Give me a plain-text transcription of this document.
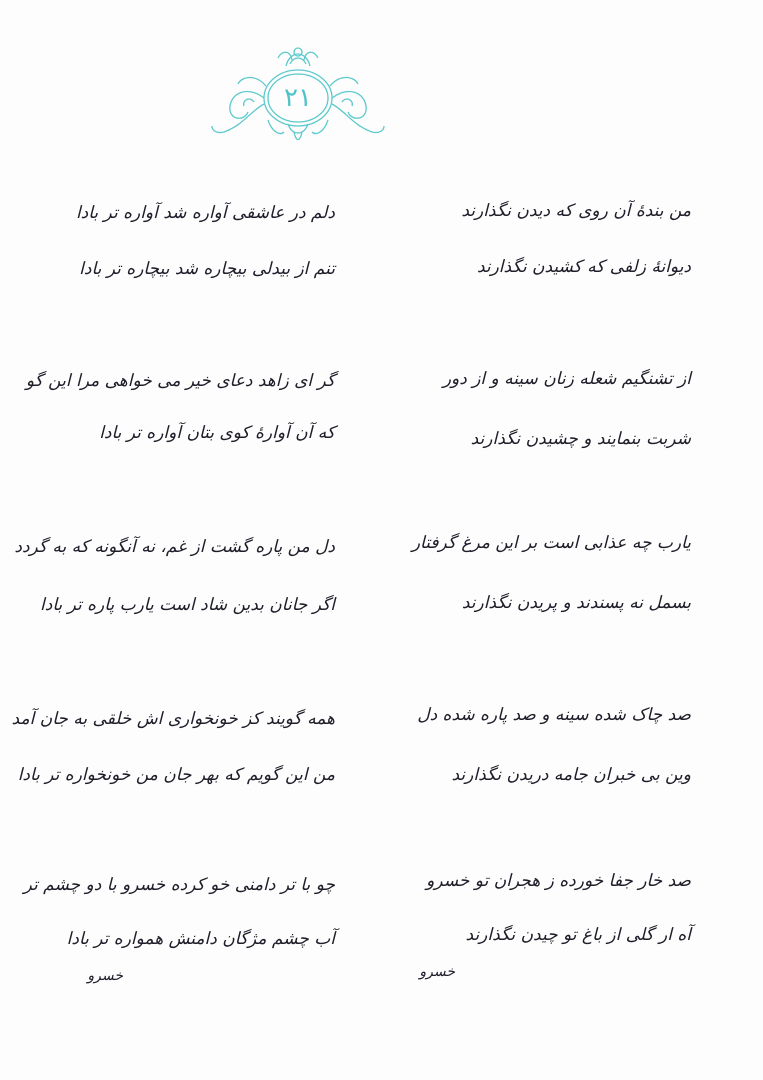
۲۱
من بندهٔ آن روی که دیدن نگذارند
دیوانهٔ زلفی که کشیدن نگذارند
دلم در عاشقی آواره شد آواره تر بادا
تنم از بیدلی بیچاره شد بیچاره تر بادا
از تشنگیم شعله زنان سینه و از دور
شربت بنمایند و چشیدن نگذارند
گر ای زاهد دعای خیر می خواهی مرا این گو
که آن آوارهٔ کوی بتان آواره تر بادا
یارب چه عذابی است بر این مرغ گرفتار
بسمل نه پسندند و پریدن نگذارند
دل من پاره گشت از غم، نه آنگونه که به گردد
اگر جانان بدین شاد است یارب پاره تر بادا
صد چاک شده سینه و صد پاره شده دل
وین بی خبران جامه دریدن نگذارند
همه گویند کز خونخواری اش خلقی به جان آمد
من این گویم که بهر جان من خونخواره تر بادا
صد خار جفا خورده ز هجران تو خسرو
آه ار گلی از باغ تو چیدن نگذارند
چو با تر دامنی خو کرده خسرو با دو چشم تر
آب چشم مژگان دامنش همواره تر بادا
خسرو
خسرو
